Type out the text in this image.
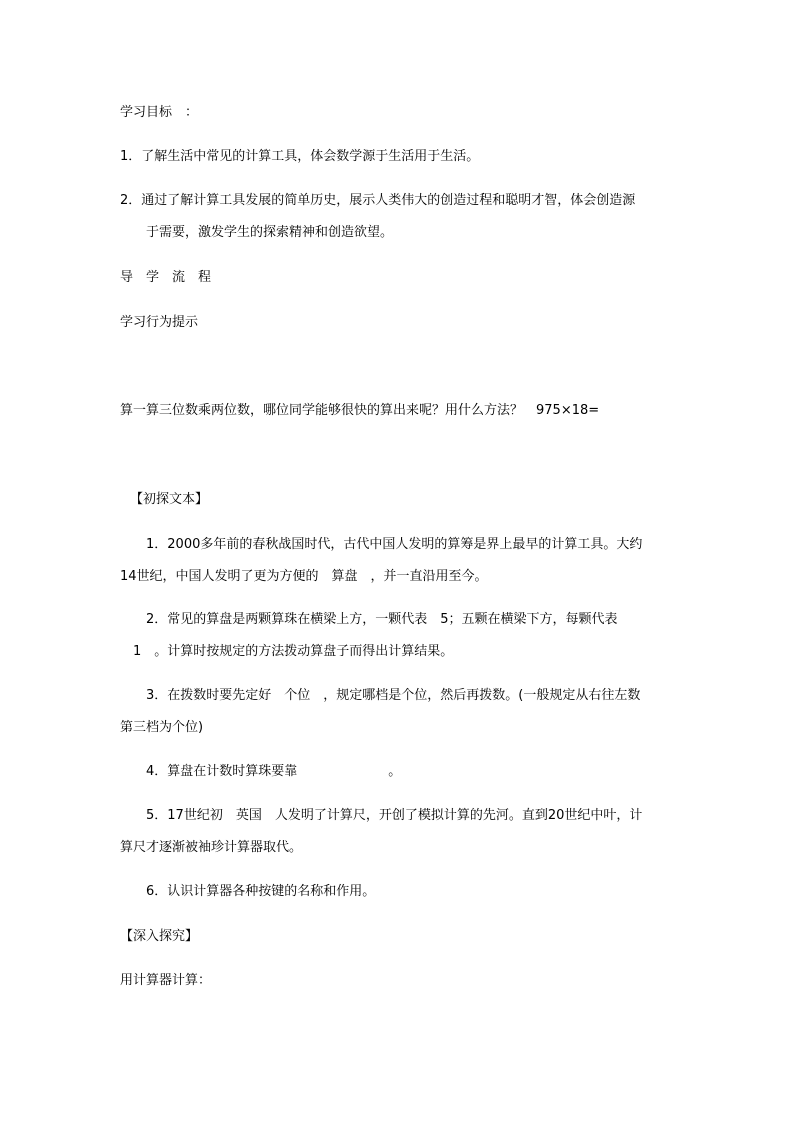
学习目标　：
1．了解生活中常见的计算工具，体会数学源于生活用于生活。
2．通过了解计算工具发展的简单历史，展示人类伟大的创造过程和聪明才智，体会创造源
于需要，激发学生的探索精神和创造欲望。
导　学　流　程
学习行为提示
算一算三位数乘两位数，哪位同学能够很快的算出来呢？用什么方法？　975×18=
【初探文本】
1．2000多年前的春秋战国时代，古代中国人发明的算筹是界上最早的计算工具。大约
14世纪，中国人发明了更为方便的　算盘　，并一直沿用至今。
2．常见的算盘是两颗算珠在横梁上方，一颗代表　5；五颗在横梁下方，每颗代表
1　。计算时按规定的方法拨动算盘子而得出计算结果。
3．在拨数时要先定好　个位　，规定哪档是个位，然后再拨数。(一般规定从右往左数
第三档为个位)
4．算盘在计数时算珠要靠　　　　　　　。
5．17世纪初　英国　人发明了计算尺，开创了模拟计算的先河。直到20世纪中叶，计
算尺才逐渐被袖珍计算器取代。
6．认识计算器各种按键的名称和作用。
【深入探究】
用计算器计算：
